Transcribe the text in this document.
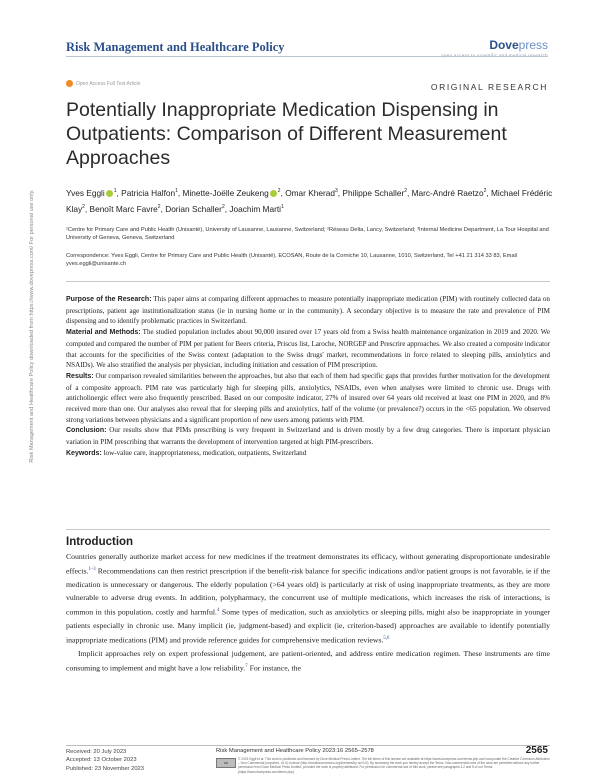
Risk Management and Healthcare Policy	Dovepress
Open Access Full Text Article	ORIGINAL RESEARCH
Potentially Inappropriate Medication Dispensing in Outpatients: Comparison of Different Measurement Approaches
Yves Eggli $^1$, Patricia Halfon$^1$, Minette-Joëlle Zeukeng $^2$, Omar Kherad$^3$, Philippe Schaller$^2$, Marc-André Raetzo$^2$, Michael Frédéric Klay$^2$, Benoît Marc Favre$^2$, Dorian Schaller$^2$, Joachim Marti$^1$
¹Centre for Primary Care and Public Health (Unisanté), University of Lausanne, Lausanne, Switzerland; ²Réseau Delta, Lancy, Switzerland; ³Internal Medicine Department, La Tour Hospital and University of Geneva, Geneva, Switzerland
Correspondence: Yves Eggli, Centre for Primary Care and Public Health (Unisanté), ECOSAN, Route de la Corniche 10, Lausanne, 1010, Switzerland, Tel +41 21 314 33 83, Email yves.eggli@unisante.ch

Purpose of the Research: This paper aims at comparing different approaches to measure potentially inappropriate medication (PIM) with routinely collected data on prescriptions, patient age institutionalization status (ie in nursing home or in the community). A secondary objective is to measure the rate and prevalence of PIM dispensing and to identify problematic practices in Switzerland.

Material and Methods: The studied population includes about 90,000 insured over 17 years old from a Swiss health maintenance organization in 2019 and 2020. We computed and compared the number of PIM per patient for Beers criteria, Priscus list, Laroche, NORGEP and Prescrire approaches. We also created a composite indicator that accounts for the specificities of the Swiss context (adaptation to the Swiss drugs' market, recommendations in force related to sleeping pills, anxiolytics and NSAIDs). We also stratified the analysis per physician, including initiation and cessation of PIM prescription.

Results: Our comparison revealed similarities between the approaches, but also that each of them had specific gaps that provides further motivation for the development of a composite approach. PIM rate was particularly high for sleeping pills, anxiolytics, NSAIDs, even when analyses were limited to chronic use. Drugs with anticholinergic effect were also frequently prescribed. Based on our composite indicator, 27% of insured over 64 years old received at least one PIM in 2020, and 8% received more than one. Our analyses also reveal that for sleeping pills and anxiolytics, half of the volume (or prevalence?) occurs in the <65 population. We observed strong variations between physicians and a significant proportion of new users among patients with PIM.

Conclusion: Our results show that PIMs prescribing is very frequent in Switzerland and is driven mostly by a few drug categories. There is important physician variation in PIM prescribing that warrants the development of intervention targeted at high PIM-prescribers.

Keywords: low-value care, inappropriateness, medication, outpatients, Switzerland

Introduction

Countries generally authorize market access for new medicines if the treatment demonstrates its efficacy, without generating disproportionate undesirable effects.$^{1-3}$ Recommendations can then restrict prescription if the benefit-risk balance for specific indications and/or patient groups is not favorable, ie if the medication is unnecessary or dangerous. The elderly population (>64 years old) is particularly at risk of using inappropriate treatments, as they are more vulnerable to adverse drug events. In addition, polypharmacy, the concurrent use of multiple medications, which increases the risk of interactions, is common in this population, costly and harmful.$^4$ Some types of medication, such as anxiolytics or sleeping pills, might also be inappropriate in younger patients especially in chronic use. Many implicit (ie, judgment-based) and explicit (ie, criterion-based) approaches are available to identify potentially inappropriate medications (PIM) and provide reference guides for comprehensive medication reviews.$^{5,6}$

Implicit approaches rely on expert professional judgement, are patient-oriented, and address entire medication regimen. These instruments are time consuming to implement and might have a low reliability.$^7$ For instance, the

Risk Management and Healthcare Policy downloaded from https://www.dovepress.com/ For personal use only.
Received: 20 July 2023
Accepted: 13 October 2023
Published: 23 November 2023
Risk Management and Healthcare Policy 2023:16 2565–2578	2565
cc
© 2023 Eggli et al. This work is published and licensed by Dove Medical Press Limited. The full terms of this license are available at https://www.dovepress.com/terms.php and incorporate the Creative Commons Attribution – Non Commercial (unported, v3.0) License (http://creativecommons.org/licenses/by-nc/3.0/). By accessing the work you hereby accept the Terms. Non-commercial uses of the work are permitted without any further permission from Dove Medical Press Limited, provided the work is properly attributed. For permission for commercial use of this work, please see paragraphs 4.2 and 5 of our Terms (https://www.dovepress.com/terms.php).
